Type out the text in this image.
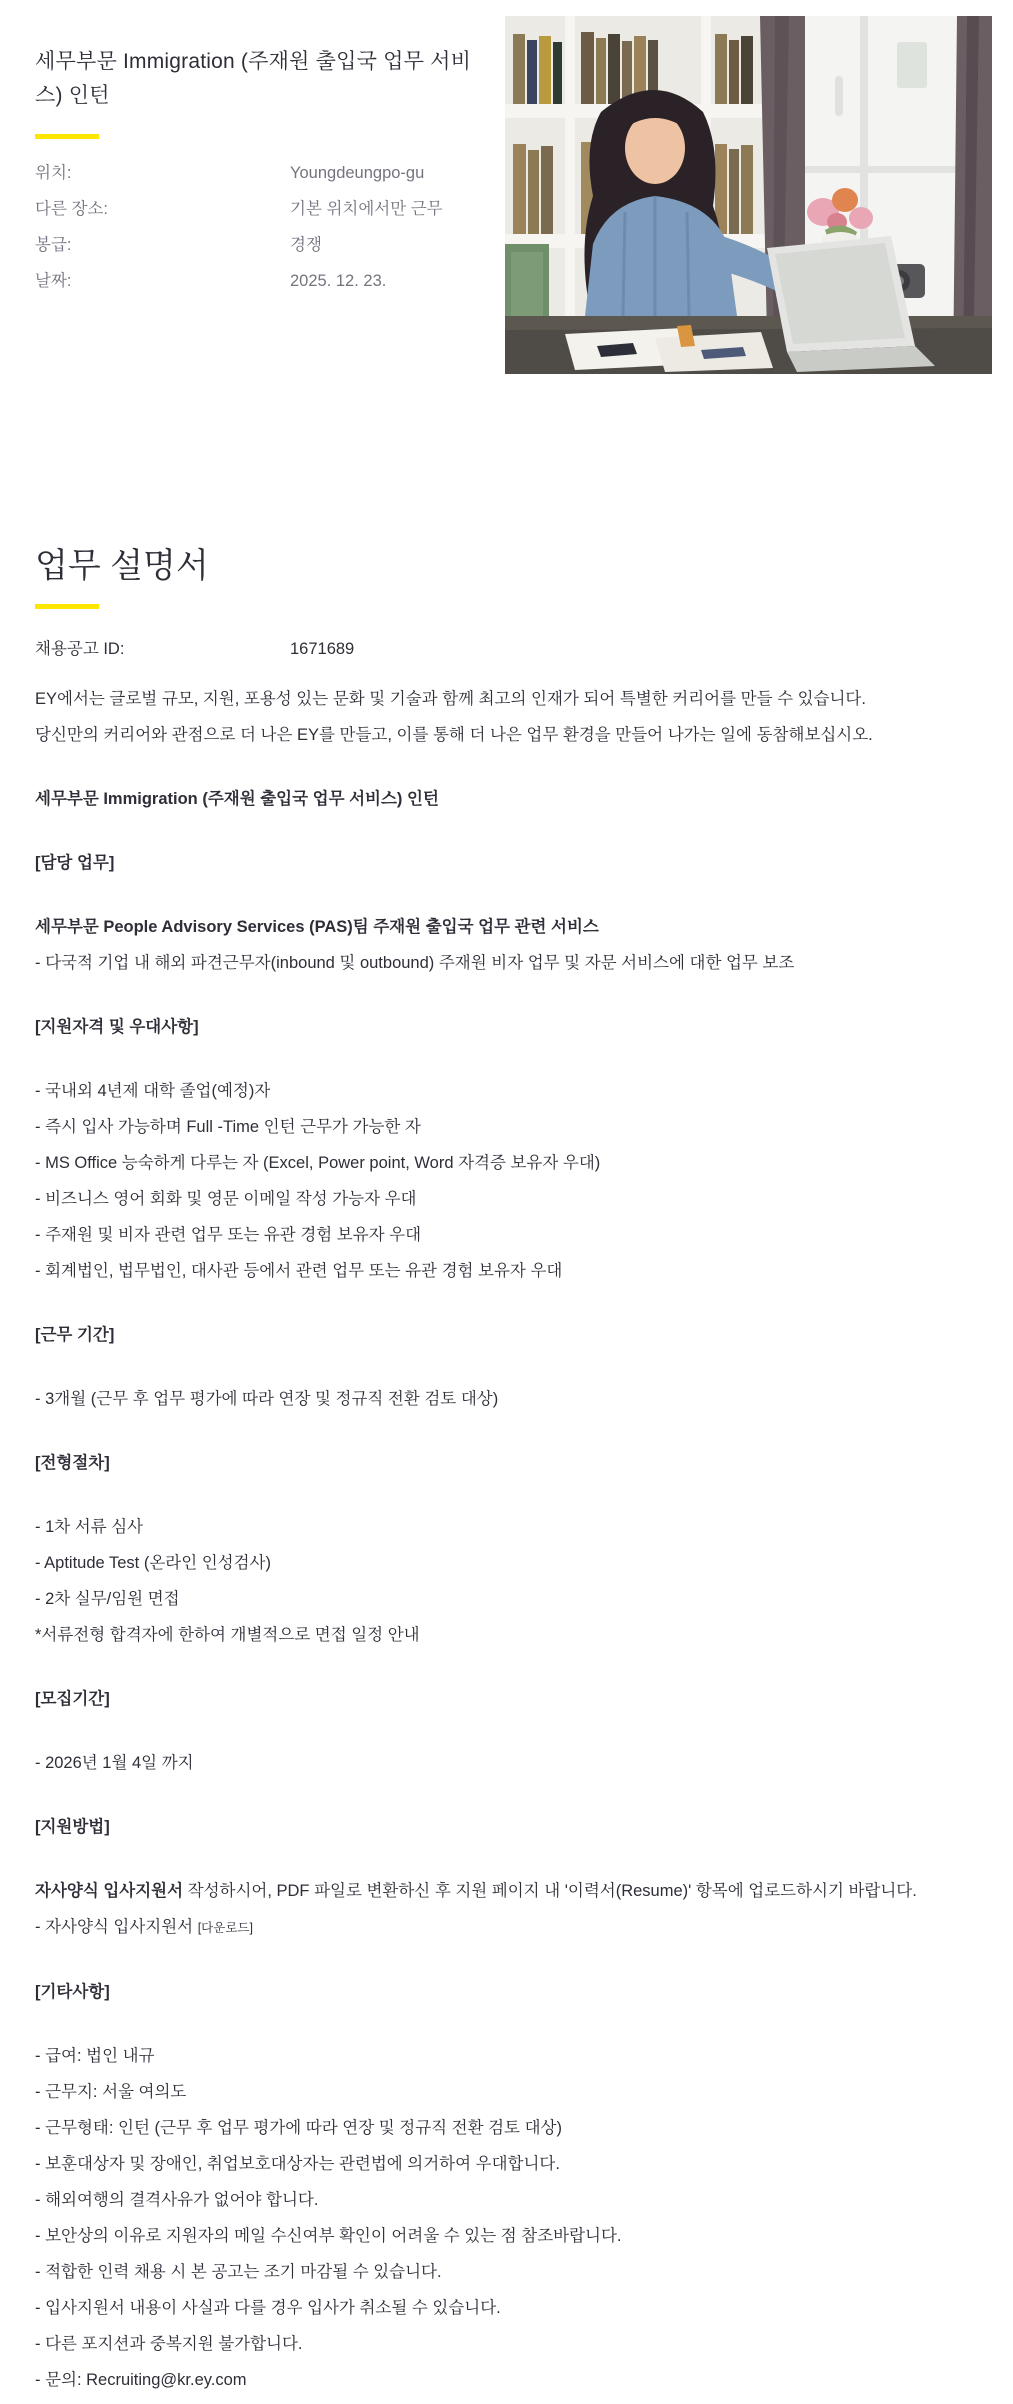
세무부문 Immigration (주재원 출입국 업무 서비스) 인턴
위치:	Youngdeungpo-gu
다른 장소:	기본 위치에서만 근무
봉급:	경쟁
날짜:	2025. 12. 23.
업무 설명서
채용공고 ID:	1671689
EY에서는 글로벌 규모, 지원, 포용성 있는 문화 및 기술과 함께 최고의 인재가 되어 특별한 커리어를 만들 수 있습니다.
당신만의 커리어와 관점으로 더 나은 EY를 만들고, 이를 통해 더 나은 업무 환경을 만들어 나가는 일에 동참해보십시오.
세무부문 Immigration (주재원 출입국 업무 서비스) 인턴
[담당 업무]
세무부문 People Advisory Services (PAS)팀 주재원 출입국 업무 관련 서비스
- 다국적 기업 내 해외 파견근무자(inbound 및 outbound) 주재원 비자 업무 및 자문 서비스에 대한 업무 보조
[지원자격 및 우대사항]
- 국내외 4년제 대학 졸업(예정)자
- 즉시 입사 가능하며 Full -Time 인턴 근무가 가능한 자
- MS Office 능숙하게 다루는 자 (Excel, Power point, Word 자격증 보유자 우대)
- 비즈니스 영어 회화 및 영문 이메일 작성 가능자 우대
- 주재원 및 비자 관련 업무 또는 유관 경험 보유자 우대
- 회계법인, 법무법인, 대사관 등에서 관련 업무 또는 유관 경험 보유자 우대
[근무 기간]
- 3개월 (근무 후 업무 평가에 따라 연장 및 정규직 전환 검토 대상)
[전형절차]
- 1차 서류 심사
- Aptitude Test (온라인 인성검사)
- 2차 실무/임원 면접
*서류전형 합격자에 한하여 개별적으로 면접 일정 안내
[모집기간]
- 2026년 1월 4일 까지
[지원방법]
자사양식 입사지원서 작성하시어, PDF 파일로 변환하신 후 지원 페이지 내 '이력서(Resume)' 항목에 업로드하시기 바랍니다.
- 자사양식 입사지원서 [다운로드]
[기타사항]
- 급여: 법인 내규
- 근무지: 서울 여의도
- 근무형태: 인턴 (근무 후 업무 평가에 따라 연장 및 정규직 전환 검토 대상)
- 보훈대상자 및 장애인, 취업보호대상자는 관련법에 의거하여 우대합니다.
- 해외여행의 결격사유가 없어야 합니다.
- 보안상의 이유로 지원자의 메일 수신여부 확인이 어려울 수 있는 점 참조바랍니다.
- 적합한 인력 채용 시 본 공고는 조기 마감될 수 있습니다.
- 입사지원서 내용이 사실과 다를 경우 입사가 취소될 수 있습니다.
- 다른 포지션과 중복지원 불가합니다.
- 문의: Recruiting@kr.ey.com
